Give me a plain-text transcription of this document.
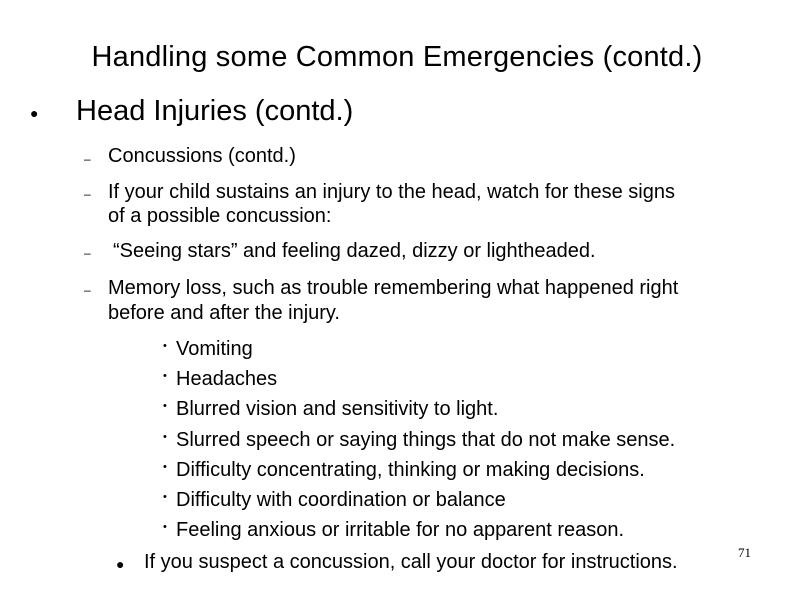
Handling some Common Emergencies (contd.)
● Head Injuries (contd.)
– Concussions (contd.)
– If your child sustains an injury to the head, watch for these signs
of a possible concussion:
– “Seeing stars” and feeling dazed, dizzy or lightheaded.
– Memory loss, such as trouble remembering what happened right
before and after the injury.
• Vomiting
• Headaches
• Blurred vision and sensitivity to light.
• Slurred speech or saying things that do not make sense.
• Difficulty concentrating, thinking or making decisions.
• Difficulty with coordination or balance
• Feeling anxious or irritable for no apparent reason.
● If you suspect a concussion, call your doctor for instructions.	71
